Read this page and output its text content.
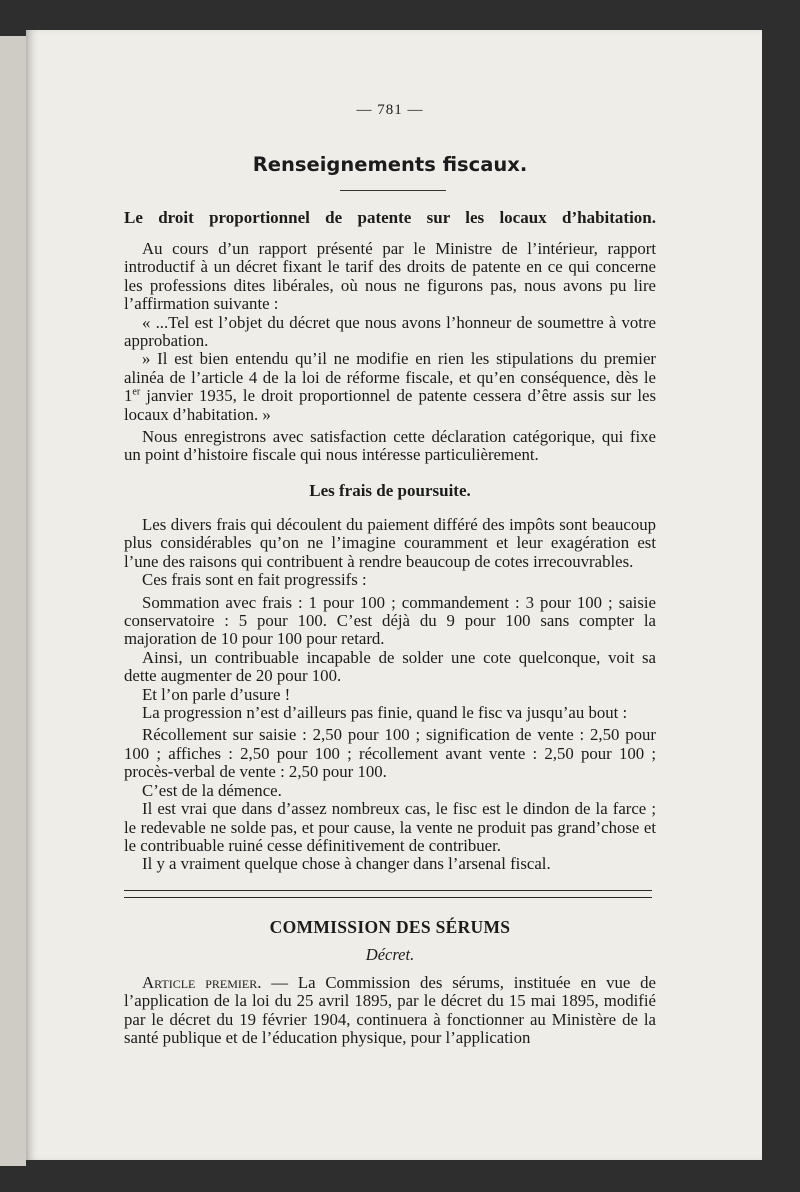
— 781 —
Renseignements fiscaux.
Le droit proportionnel de patente sur les locaux d’habitation.

Au cours d’un rapport présenté par le Ministre de l’intérieur, rapport introductif à un décret fixant le tarif des droits de patente en ce qui concerne les professions dites libérales, où nous ne figurons pas, nous avons pu lire l’affirmation suivante :

« ...Tel est l’objet du décret que nous avons l’honneur de soumettre à votre approbation.

» Il est bien entendu qu’il ne modifie en rien les stipulations du premier alinéa de l’article 4 de la loi de réforme fiscale, et qu’en conséquence, dès le 1er janvier 1935, le droit proportionnel de patente cessera d’être assis sur les locaux d’habitation. »

Nous enregistrons avec satisfaction cette déclaration catégorique, qui fixe un point d’histoire fiscale qui nous intéresse particulièrement.

Les frais de poursuite.

Les divers frais qui découlent du paiement différé des impôts sont beaucoup plus considérables qu’on ne l’imagine couramment et leur exagération est l’une des raisons qui contribuent à rendre beaucoup de cotes irrecouvrables.

Ces frais sont en fait progressifs :

Sommation avec frais : 1 pour 100 ; commandement : 3 pour 100 ; saisie conservatoire : 5 pour 100. C’est déjà du 9 pour 100 sans compter la majoration de 10 pour 100 pour retard.

Ainsi, un contribuable incapable de solder une cote quelconque, voit sa dette augmenter de 20 pour 100.

Et l’on parle d’usure !

La progression n’est d’ailleurs pas finie, quand le fisc va jusqu’au bout :

Récollement sur saisie : 2,50 pour 100 ; signification de vente : 2,50 pour 100 ; affiches : 2,50 pour 100 ; récollement avant vente : 2,50 pour 100 ; procès-verbal de vente : 2,50 pour 100.

C’est de la démence.

Il est vrai que dans d’assez nombreux cas, le fisc est le dindon de la farce ; le redevable ne solde pas, et pour cause, la vente ne produit pas grand’chose et le contribuable ruiné cesse définitivement de contribuer.

Il y a vraiment quelque chose à changer dans l’arsenal fiscal.

COMMISSION DES SÉRUMS
Décret.

Article premier. — La Commission des sérums, instituée en vue de l’application de la loi du 25 avril 1895, par le décret du 15 mai 1895, modifié par le décret du 19 février 1904, continuera à fonctionner au Ministère de la santé publique et de l’éducation physique, pour l’application
